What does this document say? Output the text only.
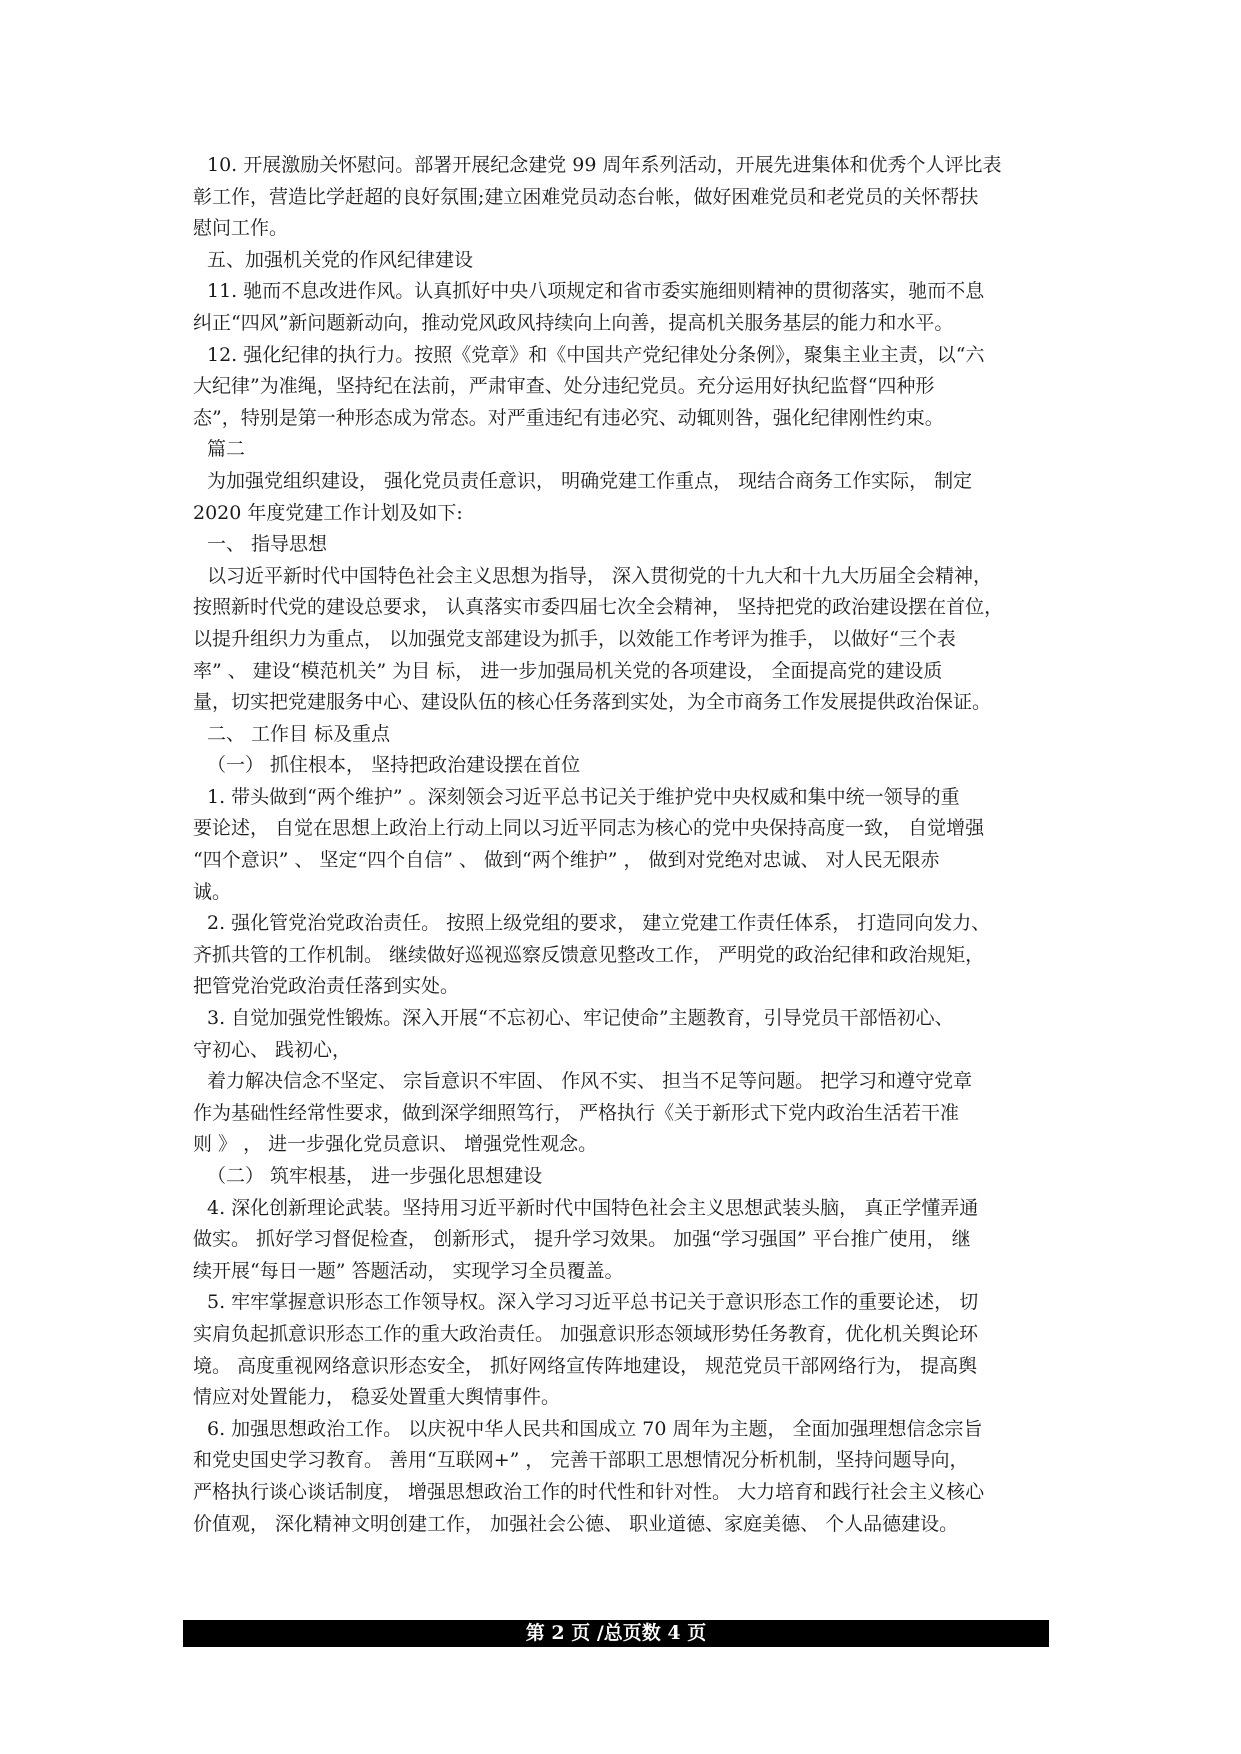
10. 开展激励关怀慰问。部署开展纪念建党 99 周年系列活动，开展先进集体和优秀个人评比表
彰工作，营造比学赶超的良好氛围;建立困难党员动态台帐，做好困难党员和老党员的关怀帮扶
慰问工作。
五、加强机关党的作风纪律建设
11. 驰而不息改进作风。认真抓好中央八项规定和省市委实施细则精神的贯彻落实，驰而不息
纠正“四风”新问题新动向，推动党风政风持续向上向善，提高机关服务基层的能力和水平。
12. 强化纪律的执行力。按照《党章》和《中国共产党纪律处分条例》，聚集主业主责，以“六
大纪律”为准绳，坚持纪在法前，严肃审查、处分违纪党员。充分运用好执纪监督“四种形
态”，特别是第一种形态成为常态。对严重违纪有违必究、动辄则咎，强化纪律刚性约束。
篇二
为加强党组织建设， 强化党员责任意识， 明确党建工作重点， 现结合商务工作实际， 制定
2020 年度党建工作计划及如下:
一、 指导思想
以习近平新时代中国特色社会主义思想为指导， 深入贯彻党的十九大和十九大历届全会精神，
按照新时代党的建设总要求， 认真落实市委四届七次全会精神， 坚持把党的政治建设摆在首位，
以提升组织力为重点， 以加强党支部建设为抓手，以效能工作考评为推手， 以做好“三个表
率” 、 建设“模范机关” 为目 标， 进一步加强局机关党的各项建设， 全面提高党的建设质
量，切实把党建服务中心、建设队伍的核心任务落到实处，为全市商务工作发展提供政治保证。
二、 工作目 标及重点
（一） 抓住根本， 坚持把政治建设摆在首位
1. 带头做到“两个维护” 。深刻领会习近平总书记关于维护党中央权威和集中统一领导的重
要论述， 自觉在思想上政治上行动上同以习近平同志为核心的党中央保持高度一致， 自觉增强
“四个意识” 、 坚定“四个自信” 、 做到“两个维护” ， 做到对党绝对忠诚、 对人民无限赤
诚。
2. 强化管党治党政治责任。 按照上级党组的要求， 建立党建工作责任体系， 打造同向发力、
齐抓共管的工作机制。 继续做好巡视巡察反馈意见整改工作， 严明党的政治纪律和政治规矩，
把管党治党政治责任落到实处。
3. 自觉加强党性锻炼。深入开展“不忘初心、牢记使命”主题教育，引导党员干部悟初心、
守初心、 践初心，
着力解决信念不坚定、 宗旨意识不牢固、 作风不实、 担当不足等问题。 把学习和遵守党章
作为基础性经常性要求，做到深学细照笃行， 严格执行《关于新形式下党内政治生活若干准
则 》 ， 进一步强化党员意识、 增强党性观念。
（二） 筑牢根基， 进一步强化思想建设
4. 深化创新理论武装。坚持用习近平新时代中国特色社会主义思想武装头脑， 真正学懂弄通
做实。 抓好学习督促检查， 创新形式， 提升学习效果。 加强“学习强国” 平台推广使用， 继
续开展“每日一题” 答题活动， 实现学习全员覆盖。
5. 牢牢掌握意识形态工作领导权。深入学习习近平总书记关于意识形态工作的重要论述， 切
实肩负起抓意识形态工作的重大政治责任。 加强意识形态领域形势任务教育，优化机关舆论环
境。 高度重视网络意识形态安全， 抓好网络宣传阵地建设， 规范党员干部网络行为， 提高舆
情应对处置能力， 稳妥处置重大舆情事件。
6. 加强思想政治工作。 以庆祝中华人民共和国成立 70 周年为主题， 全面加强理想信念宗旨
和党史国史学习教育。 善用“互联网+” ， 完善干部职工思想情况分析机制，坚持问题导向，
严格执行谈心谈话制度， 增强思想政治工作的时代性和针对性。 大力培育和践行社会主义核心
价值观， 深化精神文明创建工作， 加强社会公德、 职业道德、家庭美德、 个人品德建设。
第 2 页 /总页数 4 页
